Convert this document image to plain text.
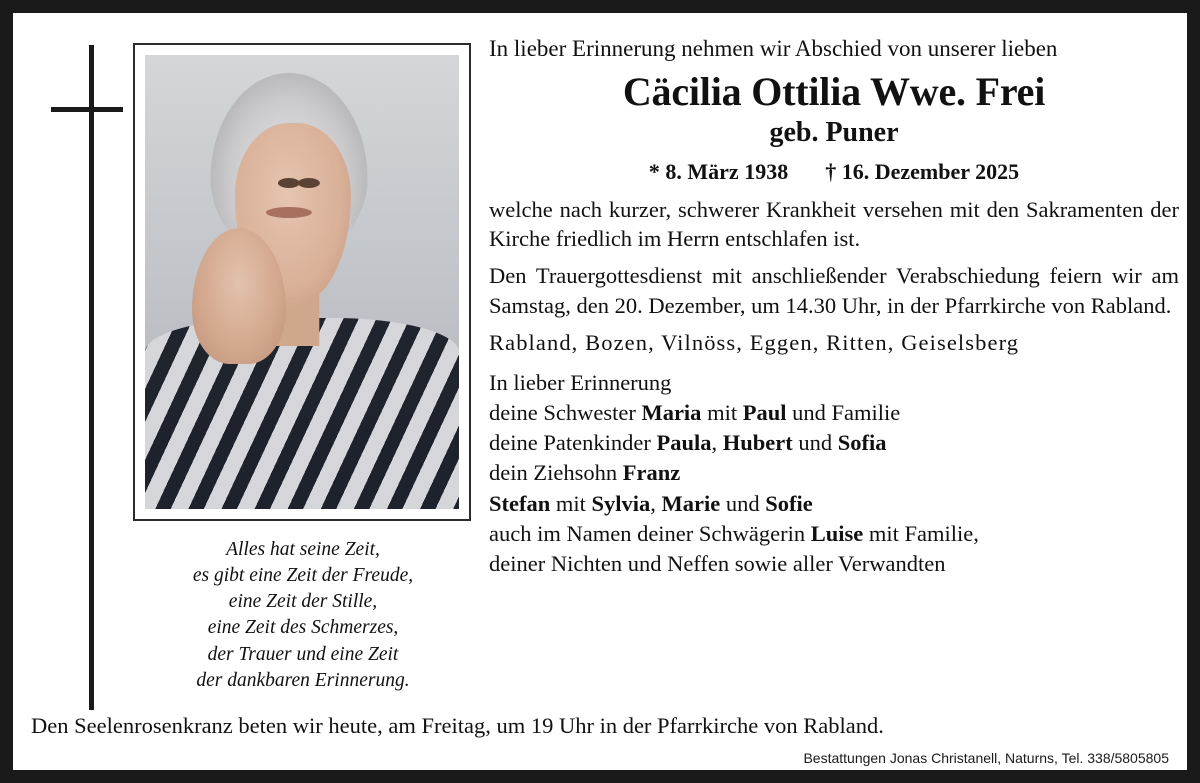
Alles hat seine Zeit,
es gibt eine Zeit der Freude,
eine Zeit der Stille,
eine Zeit des Schmerzes,
der Trauer und eine Zeit
der dankbaren Erinnerung.
In lieber Erinnerung nehmen wir Abschied von unserer lieben
Cäcilia Ottilia Wwe. Frei
geb. Puner
* 8. März 1938 † 16. Dezember 2025
welche nach kurzer, schwerer Krankheit versehen mit den Sakramenten der Kirche friedlich im Herrn entschlafen ist.
Den Trauergottesdienst mit anschließender Verabschiedung feiern wir am Samstag, den 20. Dezember, um 14.30 Uhr, in der Pfarrkirche von Rabland.
Rabland, Bozen, Vilnöss, Eggen, Ritten, Geiselsberg
In lieber Erinnerung
deine Schwester Maria mit Paul und Familie
deine Patenkinder Paula, Hubert und Sofia
dein Ziehsohn Franz
Stefan mit Sylvia, Marie und Sofie
auch im Namen deiner Schwägerin Luise mit Familie,
deiner Nichten und Neffen sowie aller Verwandten
Den Seelenrosenkranz beten wir heute, am Freitag, um 19 Uhr in der Pfarrkirche von Rabland.
Bestattungen Jonas Christanell, Naturns, Tel. 338/5805805
